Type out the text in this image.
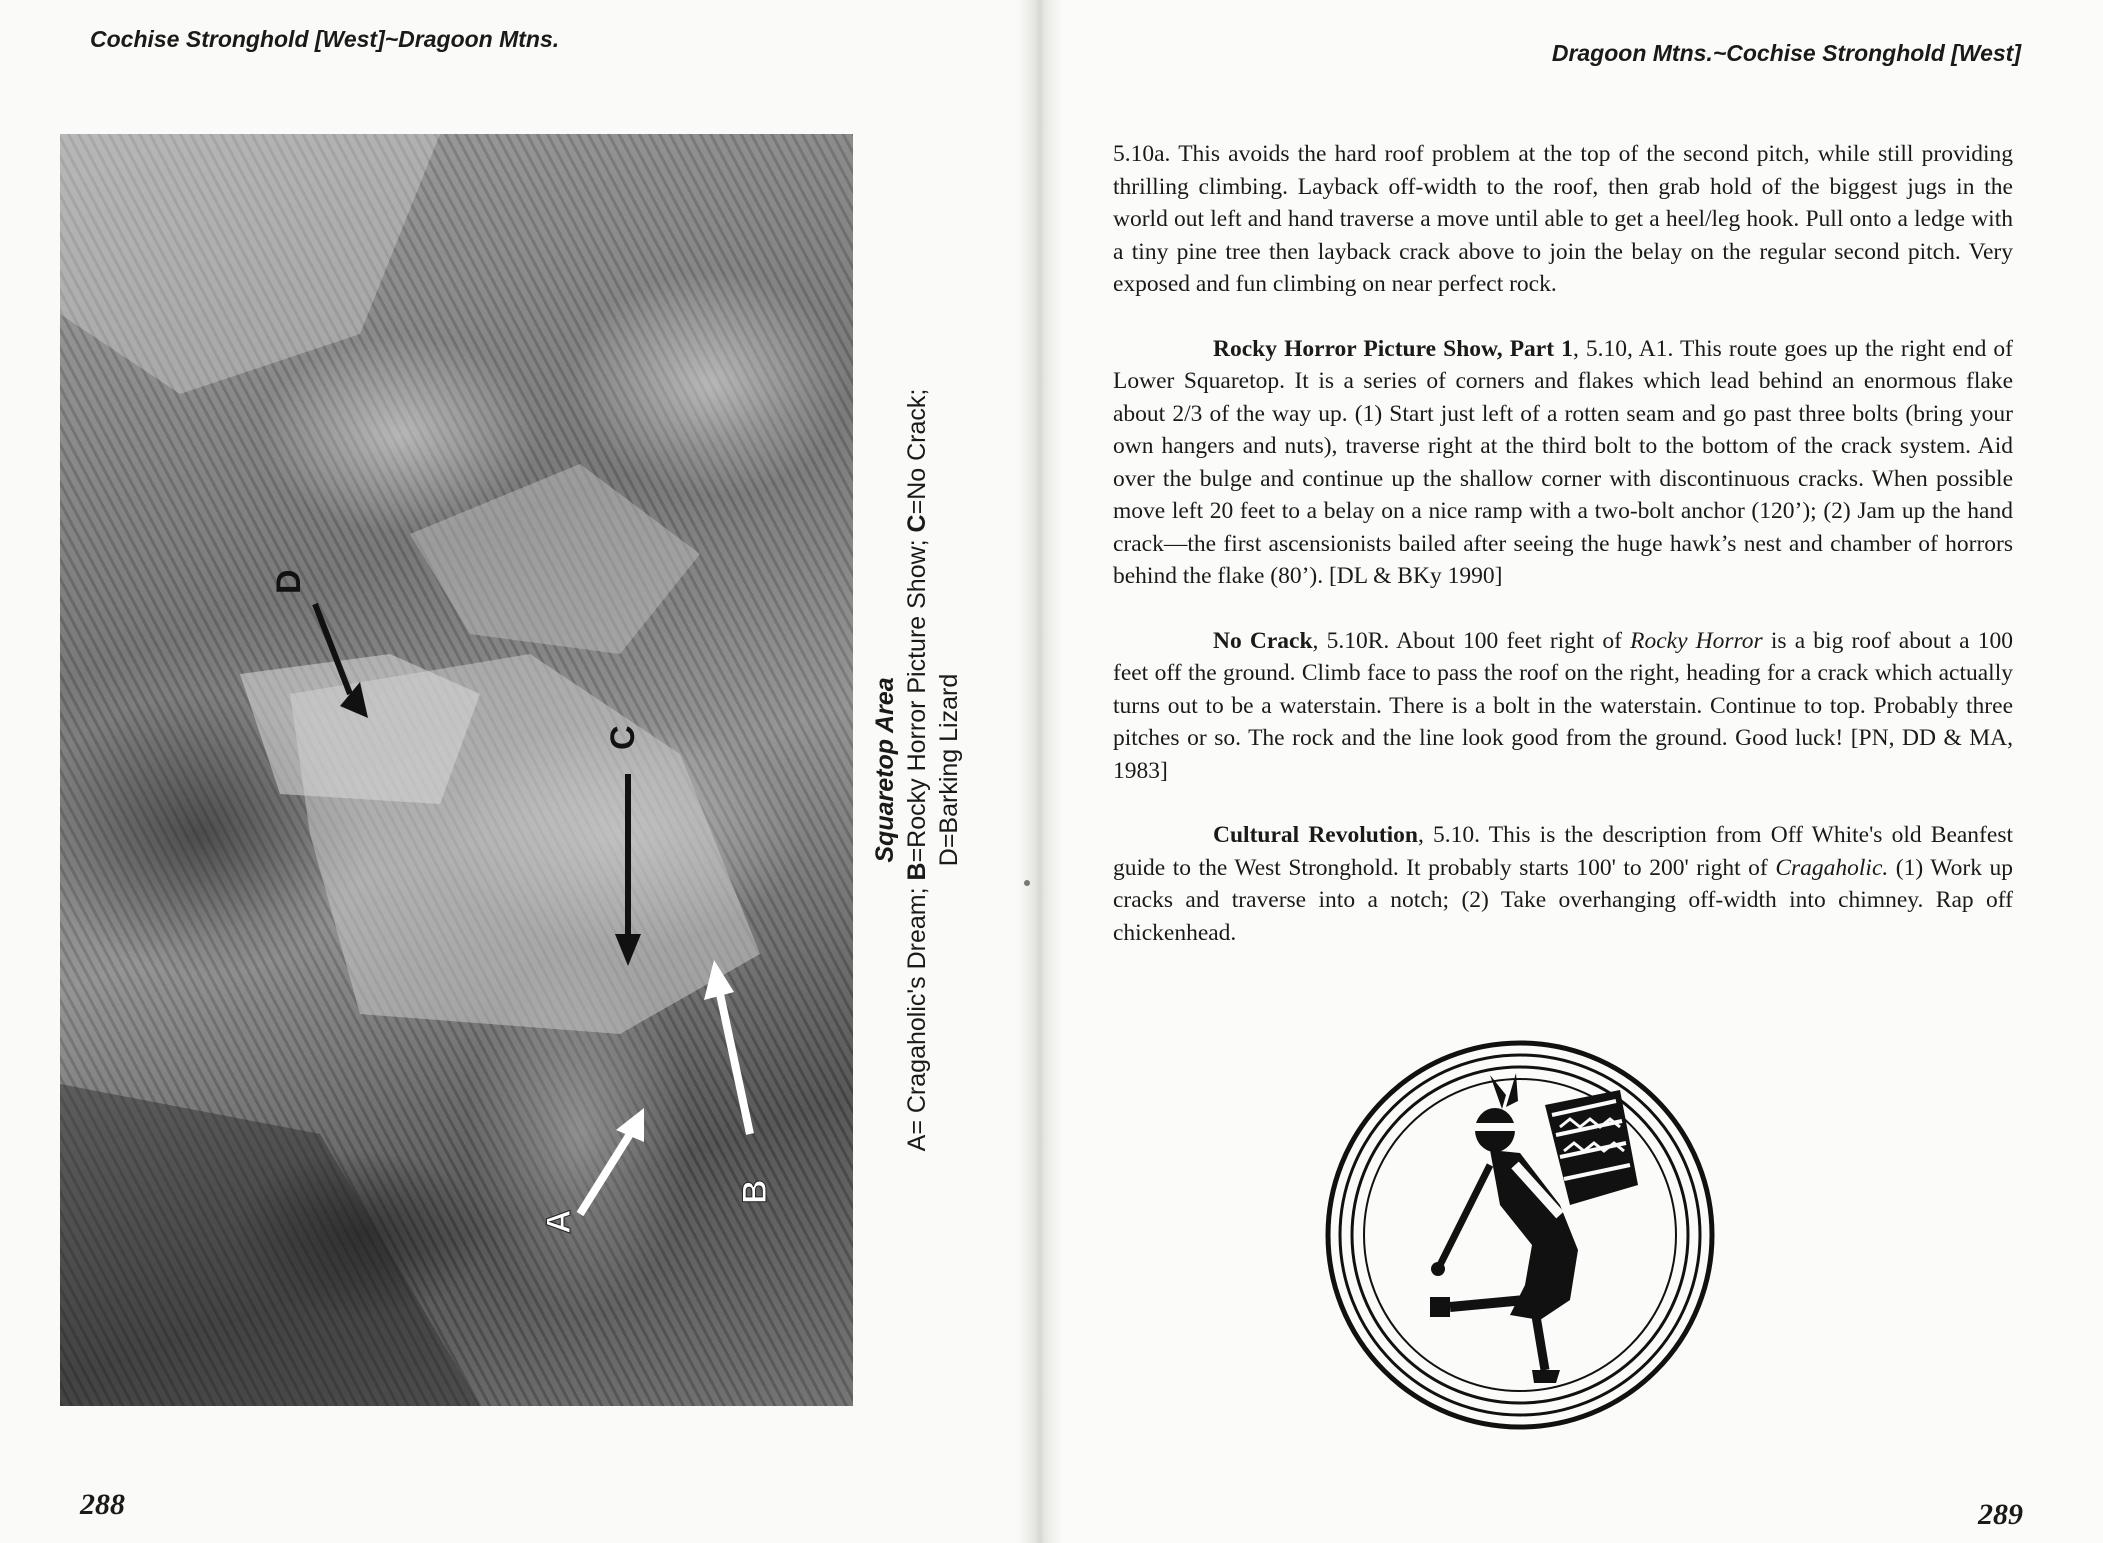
Cochise Stronghold [West]~Dragoon Mtns.
Dragoon Mtns.~Cochise Stronghold [West]
D
C
B
A
Squaretop Area
A= Cragaholic's Dream; B=Rocky Horror Picture Show; C=No Crack;
D=Barking Lizard
288

5.10a. This avoids the hard roof problem at the top of the second pitch, while still providing thrilling climbing. Layback off-width to the roof, then grab hold of the biggest jugs in the world out left and hand traverse a move until able to get a heel/leg hook. Pull onto a ledge with a tiny pine tree then layback crack above to join the belay on the regular second pitch. Very exposed and fun climbing on near perfect rock.

Rocky Horror Picture Show, Part 1, 5.10, A1. This route goes up the right end of Lower Squaretop. It is a series of corners and flakes which lead behind an enormous flake about 2/3 of the way up. (1) Start just left of a rotten seam and go past three bolts (bring your own hangers and nuts), traverse right at the third bolt to the bottom of the crack system. Aid over the bulge and continue up the shallow corner with discontinuous cracks. When possible move left 20 feet to a belay on a nice ramp with a two-bolt anchor (120’); (2) Jam up the hand crack—the first ascensionists bailed after seeing the huge hawk’s nest and chamber of horrors behind the flake (80’). [DL & BKy 1990]

No Crack, 5.10R. About 100 feet right of Rocky Horror is a big roof about a 100 feet off the ground. Climb face to pass the roof on the right, heading for a crack which actually turns out to be a waterstain. There is a bolt in the waterstain. Continue to top. Probably three pitches or so. The rock and the line look good from the ground. Good luck! [PN, DD & MA, 1983]

Cultural Revolution, 5.10. This is the description from Off White's old Beanfest guide to the West Stronghold. It probably starts 100' to 200' right of Cragaholic. (1) Work up cracks and traverse into a notch; (2) Take overhanging off-width into chimney. Rap off chickenhead.

289
